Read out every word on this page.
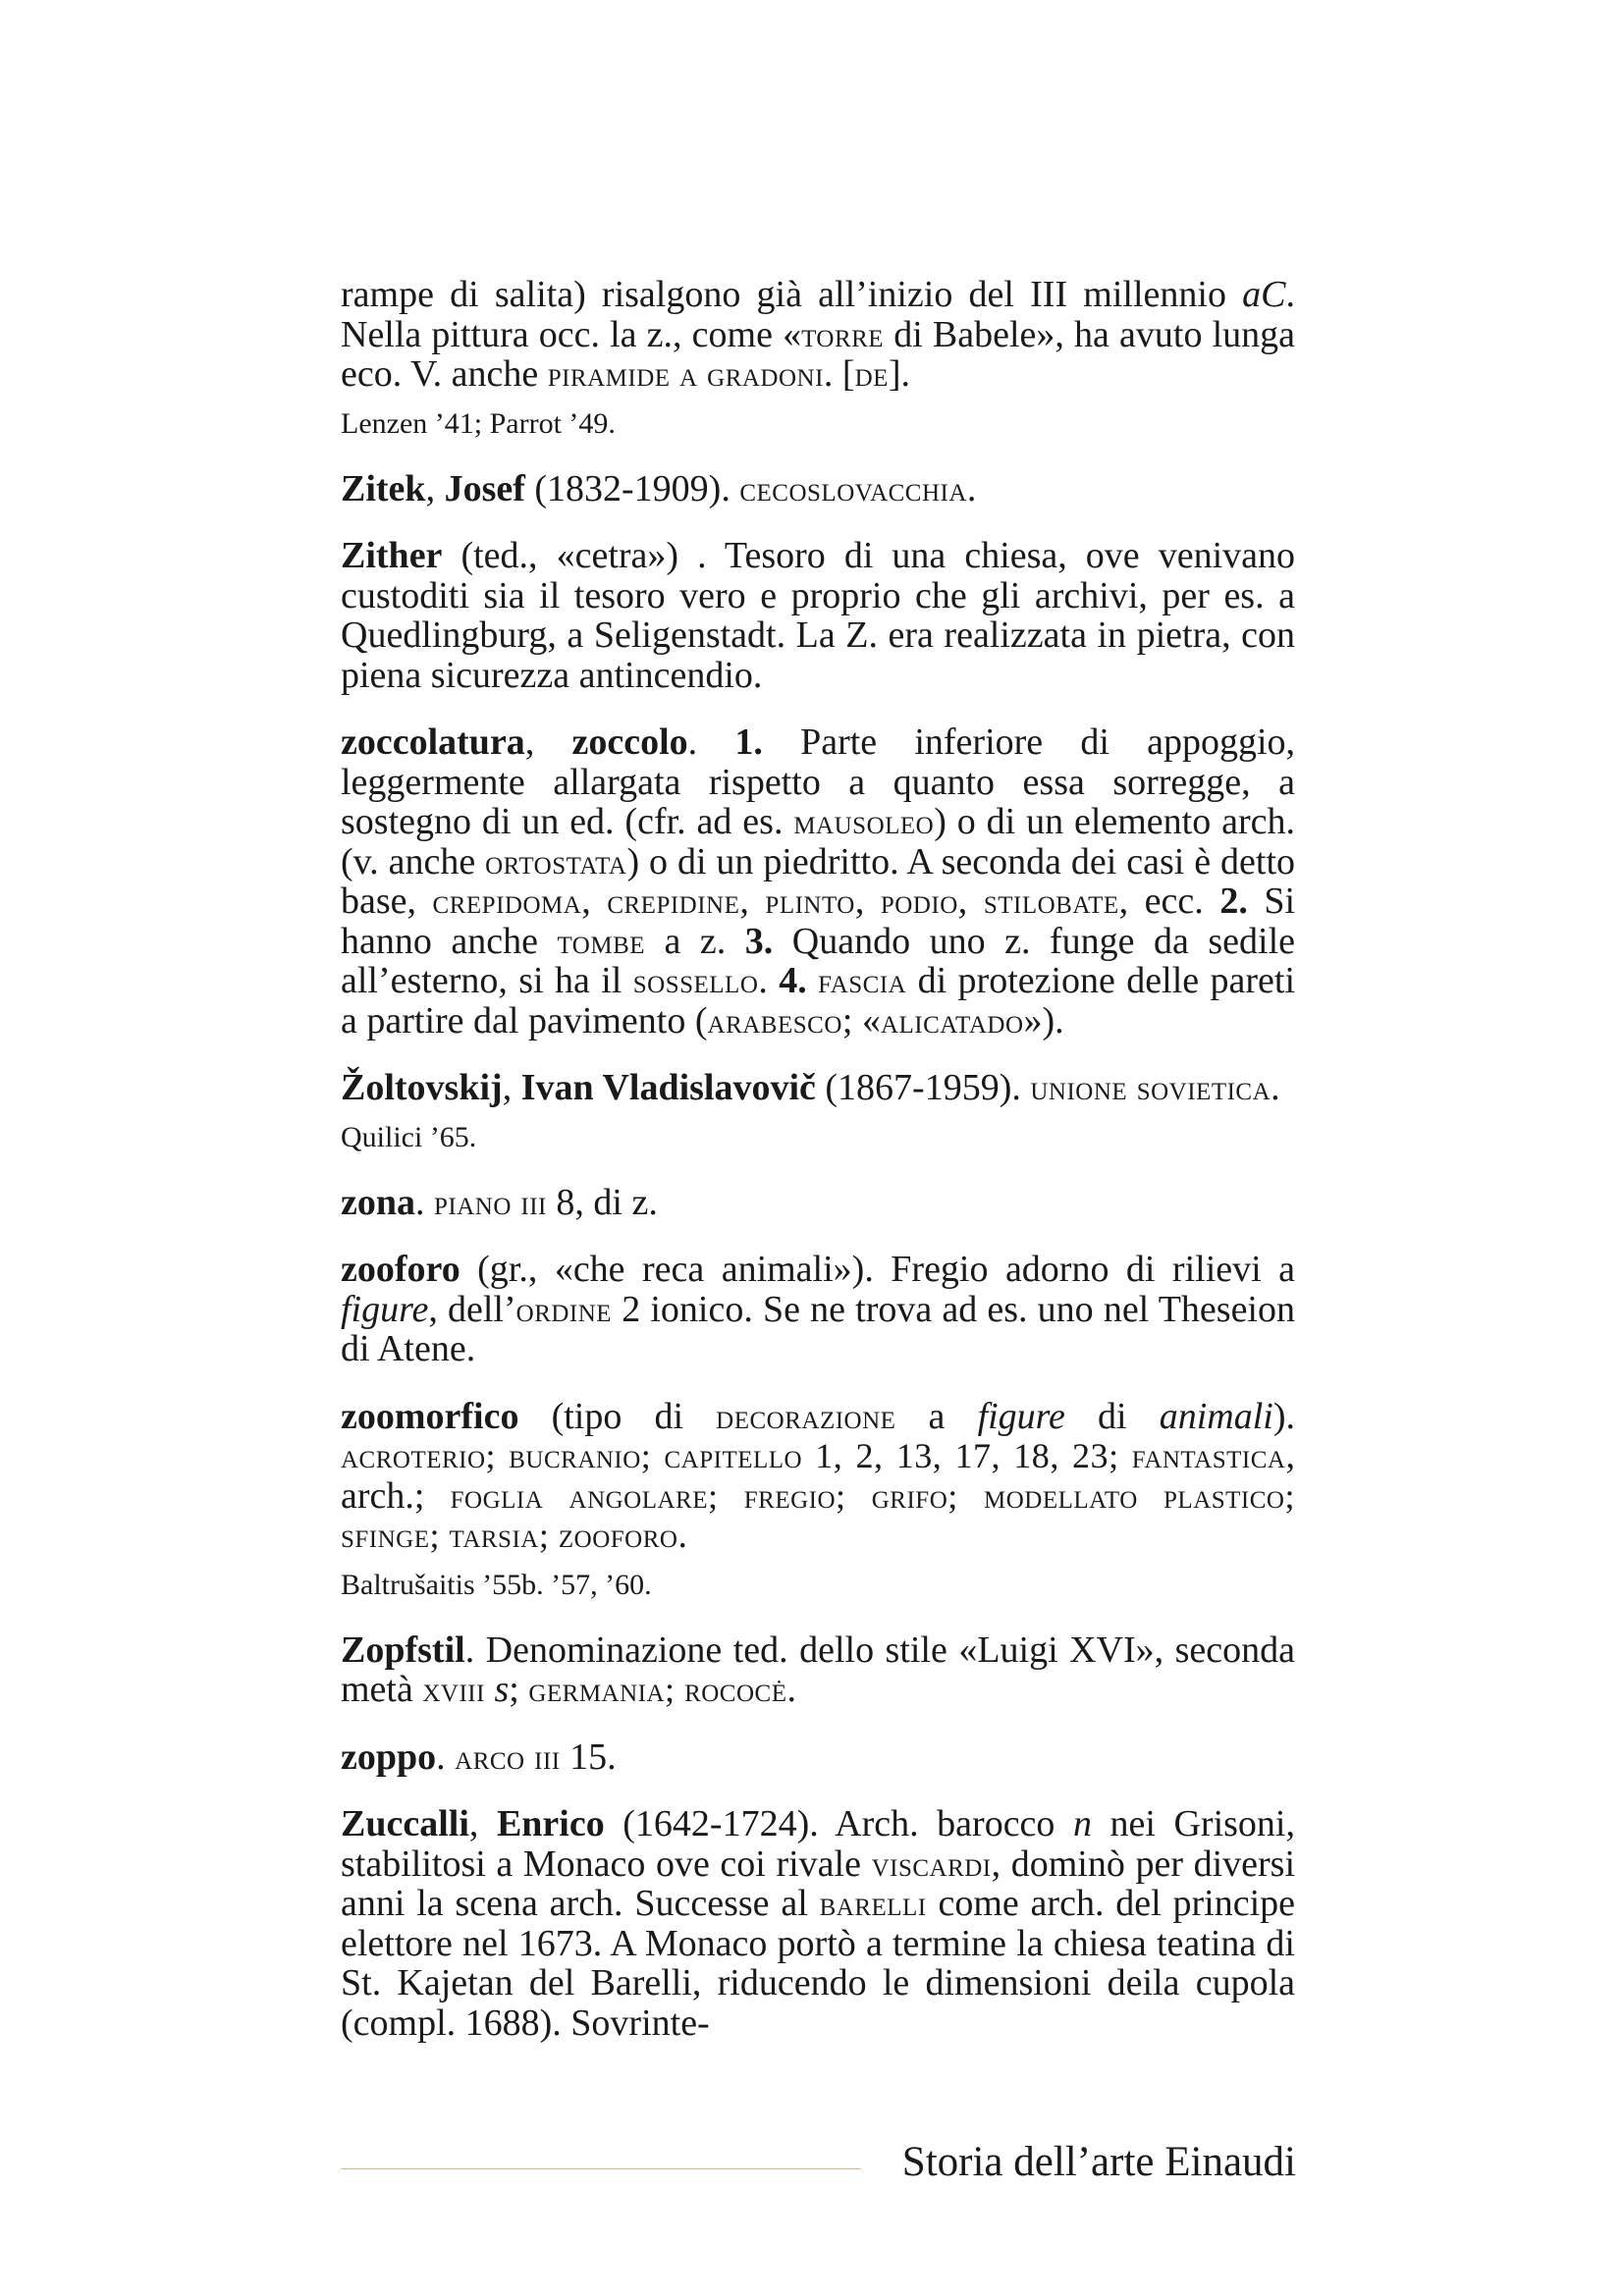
rampe di salita) risalgono già all’inizio del III millennio aC. Nella pittura occ. la z., come «torre di Babele», ha avuto lunga eco. V. anche piramide a gradoni. [de].

Lenzen ’41; Parrot ’49.

Zitek, Josef (1832-1909). cecoslovacchia.

Zither (ted., «cetra») . Tesoro di una chiesa, ove venivano custoditi sia il tesoro vero e proprio che gli archivi, per es. a Quedlingburg, a Seligenstadt. La Z. era realizzata in pietra, con piena sicurezza antincendio.

zoccolatura, zoccolo. 1. Parte inferiore di appoggio, leggermente allargata rispetto a quanto essa sorregge, a sostegno di un ed. (cfr. ad es. mausoleo) o di un elemento arch. (v. anche ortostata) o di un piedritto. A seconda dei casi è detto base, crepidoma, crepidine, plinto, podio, stilobate, ecc. 2. Si hanno anche tombe a z. 3. Quando uno z. funge da sedile all’esterno, si ha il sossello. 4. fascia di protezione delle pareti a partire dal pavimento (arabesco; «alicatado»).

Žoltovskij, Ivan Vladislavovič (1867-1959). unione sovietica.

Quilici ’65.

zona. piano iii 8, di z.

zooforo (gr., «che reca animali»). Fregio adorno di rilievi a figure, dell’ordine 2 ionico. Se ne trova ad es. uno nel Theseion di Atene.

zoomorfico (tipo di decorazione a figure di animali). acroterio; bucranio; capitello 1, 2, 13, 17, 18, 23; fantastica, arch.; foglia angolare; fregio; grifo; modellato plastico; sfinge; tarsia; zooforo.

Baltrušaitis ’55b. ’57, ’60.

Zopfstil. Denominazione ted. dello stile «Luigi XVI», seconda metà xviii s; germania; rococė.

zoppo. arco iii 15.

Zuccalli, Enrico (1642-1724). Arch. barocco n nei Grisoni, stabilitosi a Monaco ove coi rivale viscardi, dominò per diversi anni la scena arch. Successe al barelli come arch. del principe elettore nel 1673. A Monaco portò a termine la chiesa teatina di St. Kajetan del Barelli, riducendo le dimensioni deila cupola (compl. 1688). Sovrinte-

Storia dell’arte Einaudi
